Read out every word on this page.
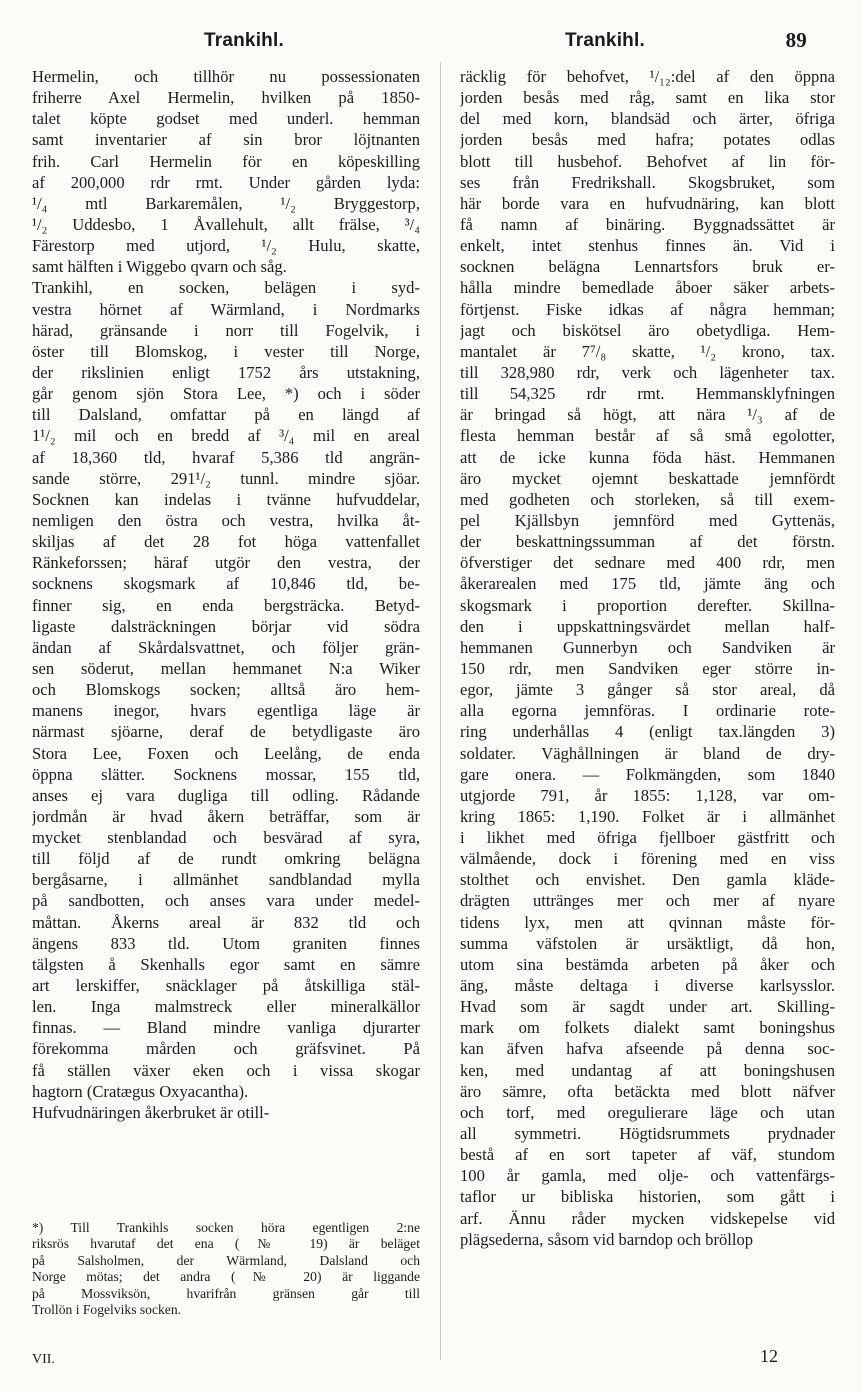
Trankihl.	Trankihl.	89
Hermelin, och tillhör nu possessionaten
friherre Axel Hermelin, hvilken på 1850-
talet köpte godset med underl. hemman
samt inventarier af sin bror löjtnanten
frih. Carl Hermelin för en köpeskilling
af 200,000 rdr rmt. Under gården lyda:
¹/₄ mtl Barkaremålen, ¹/₂ Bryggestorp,
¹/₂ Uddesbo, 1 Åvallehult, allt frälse, ³/₄
Färestorp med utjord, ¹/₂ Hulu, skatte,
samt hälften i Wiggebo qvarn och såg.
Trankihl, en socken, belägen i syd-
vestra hörnet af Wärmland, i Nordmarks
härad, gränsande i norr till Fogelvik, i
öster till Blomskog, i vester till Norge,
der rikslinien enligt 1752 års utstakning,
går genom sjön Stora Lee, *) och i söder
till Dalsland, omfattar på en längd af
1¹/₂ mil och en bredd af ³/₄ mil en areal
af 18,360 tld, hvaraf 5,386 tld angrän-
sande större, 291¹/₂ tunnl. mindre sjöar.
Socknen kan indelas i tvänne hufvuddelar,
nemligen den östra och vestra, hvilka åt-
skiljas af det 28 fot höga vattenfallet
Ränkeforssen; häraf utgör den vestra, der
socknens skogsmark af 10,846 tld, be-
finner sig, en enda bergsträcka. Betyd-
ligaste dalsträckningen börjar vid södra
ändan af Skårdalsvattnet, och följer grän-
sen söderut, mellan hemmanet N:a Wiker
och Blomskogs socken; alltså äro hem-
manens inegor, hvars egentliga läge är
närmast sjöarne, deraf de betydligaste äro
Stora Lee, Foxen och Leelång, de enda
öppna slätter. Socknens mossar, 155 tld,
anses ej vara dugliga till odling. Rådande
jordmån är hvad åkern beträffar, som är
mycket stenblandad och besvärad af syra,
till följd af de rundt omkring belägna
bergåsarne, i allmänhet sandblandad mylla
på sandbotten, och anses vara under medel-
måttan. Åkerns areal är 832 tld och
ängens 833 tld. Utom graniten finnes
tälgsten å Skenhalls egor samt en sämre
art lerskiffer, snäcklager på åtskilliga stäl-
len. Inga malmstreck eller mineralkällor
finnas. — Bland mindre vanliga djurarter
förekomma mården och gräfsvinet. På
få ställen växer eken och i vissa skogar
hagtorn (Cratægus Oxyacantha).
Hufvudnäringen åkerbruket är otill-
räcklig för behofvet, ¹/₁₂:del af den öppna
jorden besås med råg, samt en lika stor
del med korn, blandsäd och ärter, öfriga
jorden besås med hafra; potates odlas
blott till husbehof. Behofvet af lin för-
ses från Fredrikshall. Skogsbruket, som
här borde vara en hufvudnäring, kan blott
få namn af binäring. Byggnadssättet är
enkelt, intet stenhus finnes än. Vid i
socknen belägna Lennartsfors bruk er-
hålla mindre bemedlade åboer säker arbets-
förtjenst. Fiske idkas af några hemman;
jagt och biskötsel äro obetydliga. Hem-
mantalet är 7⁷/₈ skatte, ¹/₂ krono, tax.
till 328,980 rdr, verk och lägenheter tax.
till 54,325 rdr rmt. Hemmansklyfningen
är bringad så högt, att nära ¹/₃ af de
flesta hemman består af så små egolotter,
att de icke kunna föda häst. Hemmanen
äro mycket ojemnt beskattade jemnfördt
med godheten och storleken, så till exem-
pel Kjällsbyn jemnförd med Gyttenäs,
der beskattningssumman af det förstn.
öfverstiger det sednare med 400 rdr, men
åkerarealen med 175 tld, jämte äng och
skogsmark i proportion derefter. Skillna-
den i uppskattningsvärdet mellan half-
hemmanen Gunnerbyn och Sandviken är
150 rdr, men Sandviken eger större in-
egor, jämte 3 gånger så stor areal, då
alla egorna jemnföras. I ordinarie rote-
ring underhållas 4 (enligt tax.längden 3)
soldater. Väghållningen är bland de dry-
gare onera. — Folkmängden, som 1840
utgjorde 791, år 1855: 1,128, var om-
kring 1865: 1,190. Folket är i allmänhet
i likhet med öfriga fjellboer gästfritt och
välmående, dock i förening med en viss
stolthet och envishet. Den gamla kläde-
drägten uttränges mer och mer af nyare
tidens lyx, men att qvinnan måste för-
summa väfstolen är ursäktligt, då hon,
utom sina bestämda arbeten på åker och
äng, måste deltaga i diverse karlsysslor.
Hvad som är sagdt under art. Skilling-
mark om folkets dialekt samt boningshus
kan äfven hafva afseende på denna soc-
ken, med undantag af att boningshusen
äro sämre, ofta betäckta med blott näfver
och torf, med oregulierare läge och utan
all symmetri. Högtidsrummets prydnader
bestå af en sort tapeter af väf, stundom
100 år gamla, med olje- och vattenfärgs-
taflor ur bibliska historien, som gått i
arf. Ännu råder mycken vidskepelse vid
plägsederna, såsom vid barndop och bröllop
*) Till Trankihls socken höra egentligen 2:ne
riksrös hvarutaf det ena (№ 19) är beläget
på Salsholmen, der Wärmland, Dalsland och
Norge mötas; det andra (№ 20) är liggande
på Mossviksön, hvarifrån gränsen går till
Trollön i Fogelviks socken.
VII.	12
